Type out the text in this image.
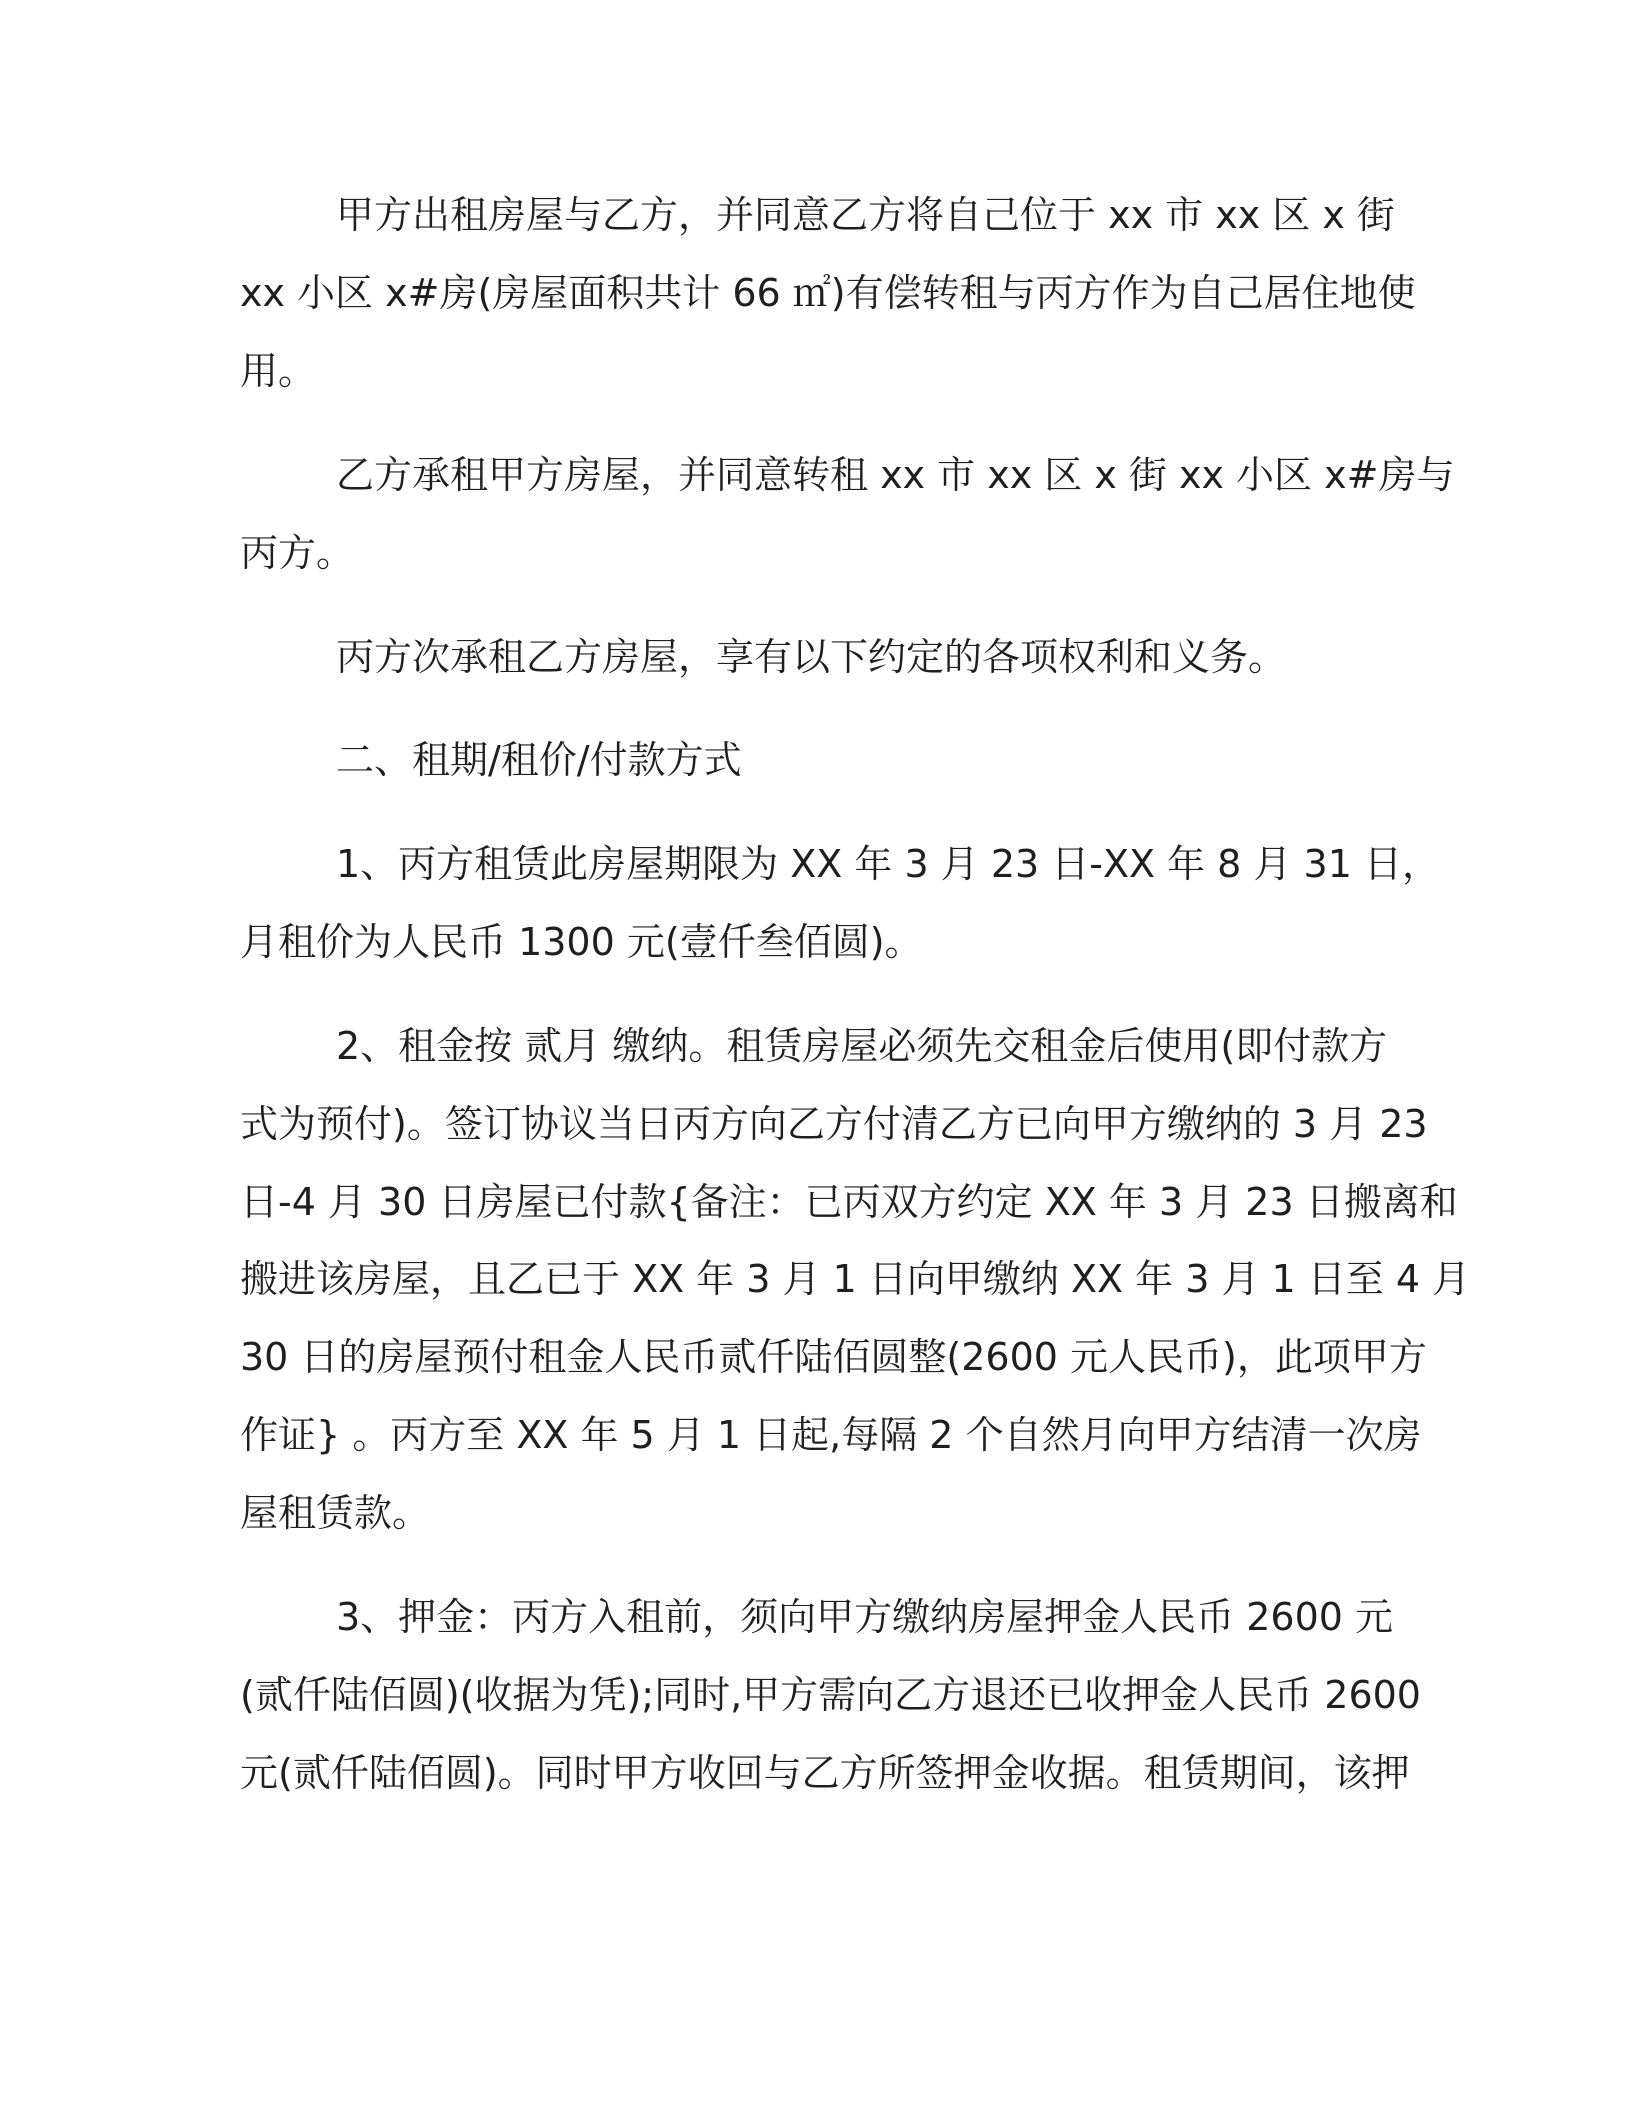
甲方出租房屋与乙方，并同意乙方将自己位于 xx 市 xx 区 x 街

xx 小区 x#房(房屋面积共计 66 ㎡)有偿转租与丙方作为自己居住地使

用。

乙方承租甲方房屋，并同意转租 xx 市 xx 区 x 街 xx 小区 x#房与

丙方。

丙方次承租乙方房屋，享有以下约定的各项权利和义务。

二、租期/租价/付款方式

1、丙方租赁此房屋期限为 XX 年 3 月 23 日-XX 年 8 月 31 日，

月租价为人民币 1300 元(壹仟叁佰圆)。

2、租金按 贰月 缴纳。租赁房屋必须先交租金后使用(即付款方

式为预付)。签订协议当日丙方向乙方付清乙方已向甲方缴纳的 3 月 23

日-4 月 30 日房屋已付款{备注：已丙双方约定 XX 年 3 月 23 日搬离和

搬进该房屋，且乙已于 XX 年 3 月 1 日向甲缴纳 XX 年 3 月 1 日至 4 月

30 日的房屋预付租金人民币贰仟陆佰圆整(2600 元人民币)，此项甲方

作证} 。丙方至 XX 年 5 月 1 日起,每隔 2 个自然月向甲方结清一次房

屋租赁款。

3、押金：丙方入租前，须向甲方缴纳房屋押金人民币 2600 元

(贰仟陆佰圆)(收据为凭);同时,甲方需向乙方退还已收押金人民币 2600

元(贰仟陆佰圆)。同时甲方收回与乙方所签押金收据。租赁期间，该押
